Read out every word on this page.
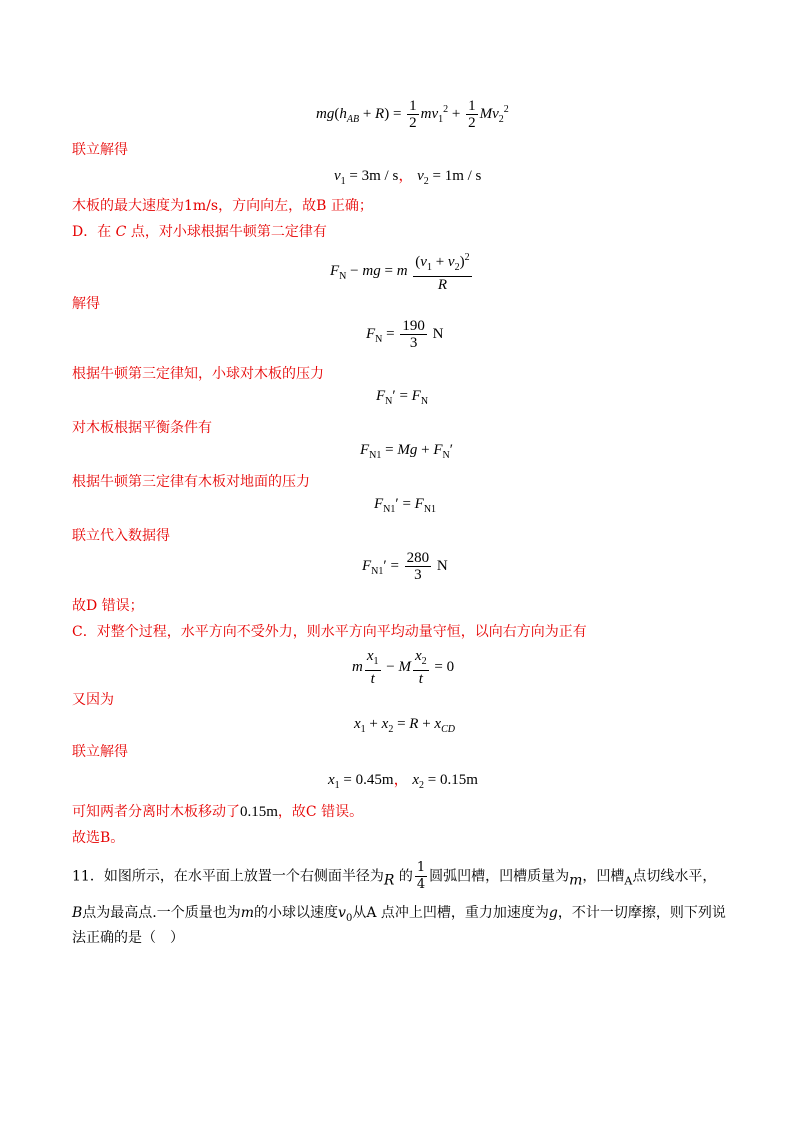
$mg(h_{AB} + R) = \frac{1}{2} mv_1^2 + \frac{1}{2} Mv_2^2$
联立解得
$v_1 = 3m / s$， $v_2 = 1m / s$
木板的最大速度为1m/s，方向向左，故B 正确；
D．在 C 点，对小球根据牛顿第二定律有
$F_N$ − mg = m $\frac{(v_1 + v_2)^2}{R}$
解得
$F_N = \frac{190}{3}$ N
根据牛顿第三定律知，小球对木板的压力
$F_N' = F_N$
对木板根据平衡条件有
$F_{N1} = Mg + F_N'$
根据牛顿第三定律有木板对地面的压力
$F_{N1}' = F_{N1}$
联立代入数据得
$F_{N1}' = \frac{280}{3}$ N
故D 错误；
C．对整个过程，水平方向不受外力，则水平方向平均动量守恒，以向右方向为正有
m $\frac{x_1}{t} - M \frac{x_2}{t} = 0$
又因为
$x_1 + x_2 = R + x_{CD}$
联立解得
$x_1 = 0.45m$， $x_2 = 0.15m$
可知两者分离时木板移动了0.15m，故C 错误。
故选B。
11．如图所示，在水平面上放置一个右侧面半径为R 的 $\frac{1}{4}$ 圆弧凹槽，凹槽质量为m，凹槽$_A$点切线水平，
B点为最高点.一个质量也为m的小球以速度$v_0$从A 点冲上凹槽，重力加速度为g，不计一切摩擦，则下列说法正确的是（　）
